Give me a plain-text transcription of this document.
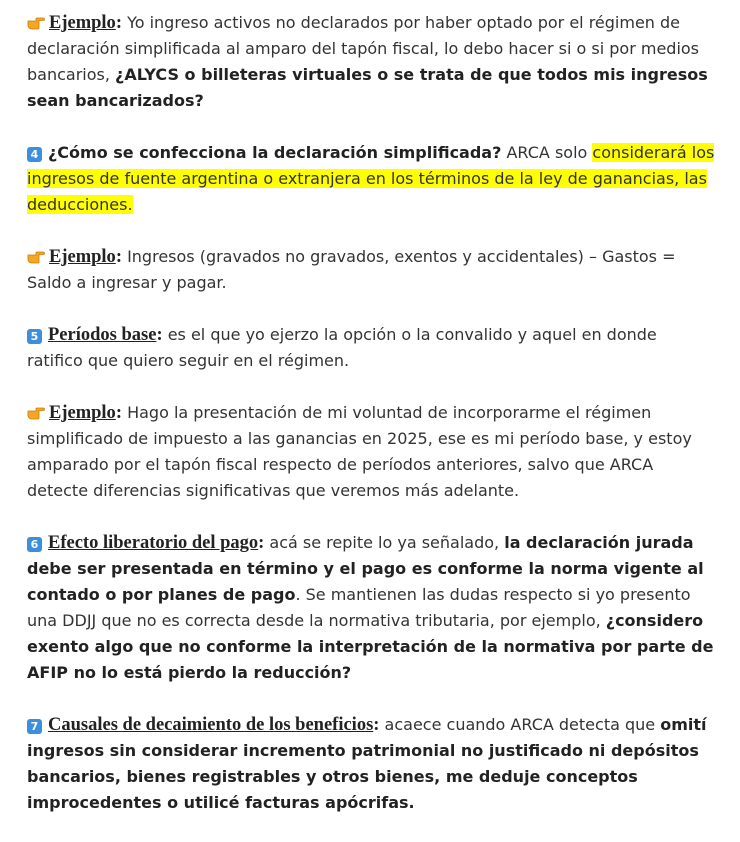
Ejemplo: Yo ingreso activos no declarados por haber optado por el régimen de declaración simplificada al amparo del tapón fiscal, lo debo hacer si o si por medios bancarios, ¿ALYCS o billeteras virtuales o se trata de que todos mis ingresos sean bancarizados?

4 ¿Cómo se confecciona la declaración simplificada? ARCA solo considerará los ingresos de fuente argentina o extranjera en los términos de la ley de ganancias, las deducciones.

Ejemplo: Ingresos (gravados no gravados, exentos y accidentales) – Gastos = Saldo a ingresar y pagar.

5 Períodos base: es el que yo ejerzo la opción o la convalido y aquel en donde ratifico que quiero seguir en el régimen.

Ejemplo: Hago la presentación de mi voluntad de incorporarme el régimen simplificado de impuesto a las ganancias en 2025, ese es mi período base, y estoy amparado por el tapón fiscal respecto de períodos anteriores, salvo que ARCA detecte diferencias significativas que veremos más adelante.

6 Efecto liberatorio del pago: acá se repite lo ya señalado, la declaración jurada debe ser presentada en término y el pago es conforme la norma vigente al contado o por planes de pago. Se mantienen las dudas respecto si yo presento una DDJJ que no es correcta desde la normativa tributaria, por ejemplo, ¿considero exento algo que no conforme la interpretación de la normativa por parte de AFIP no lo está pierdo la reducción?

7 Causales de decaimiento de los beneficios: acaece cuando ARCA detecta que omití ingresos sin considerar incremento patrimonial no justificado ni depósitos bancarios, bienes registrables y otros bienes, me deduje conceptos improcedentes o utilicé facturas apócrifas.
